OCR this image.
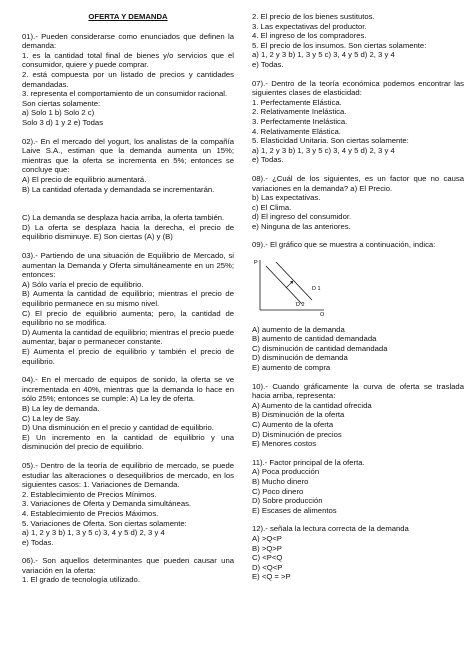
OFERTA Y DEMANDA

01).- Pueden considerarse como enunciados que definen la demanda:

1. es la cantidad total final de bienes y/o servicios que el consumidor, quiere y puede comprar.

2. está compuesta por un listado de precios y cantidades demandadas.

3. representa el comportamiento de un consumidor racional.

Son ciertas solamente:

a) Solo 1 b) Solo 2 c)

Solo 3 d) 1 y 2 e) Todas

02).- En el mercado del yogurt, los analistas de la compañía Laive S.A., estiman que la demanda aumenta un 15%; mientras que la oferta se incrementa en 5%; entonces se concluye que:

A) El precio de equilibrio aumentará.

B) La cantidad ofertada y demandada se incrementarán.

C) La demanda se desplaza hacia arriba, la oferta también.

D) La oferta se desplaza hacia la derecha, el precio de equilibrio disminuye. E) Son ciertas (A) y (B)

03).- Partiendo de una situación de Equilibrio de Mercado, si aumentan la Demanda y Oferta simultáneamente en un 25%; entonces:

A) Sólo varía el precio de equilibrio.

B) Aumenta la cantidad de equilibrio; mientras el precio de equilibrio permanece en su mismo nivel.

C) El precio de equilibrio aumenta; pero, la cantidad de equilibrio no se modifica.

D) Aumenta la cantidad de equilibrio; mientras el precio puede aumentar, bajar o permanecer constante.

E) Aumenta el precio de equilibrio y también el precio de equilibrio.

04).- En el mercado de equipos de sonido, la oferta se ve incrementada en 40%, mientras que la demanda lo hace en sólo 25%; entonces se cumple: A) La ley de oferta.

B) La ley de demanda.

C) La ley de Say.

D) Una disminución en el precio y cantidad de equilibrio.

E) Un incremento en la cantidad de equilibrio y una disminución del precio de equilibrio.

05).- Dentro de la teoría de equilibrio de mercado, se puede estudiar las alteraciones o desequilibrios de mercado, en los siguientes casos: 1. Variaciones de Demanda.

2. Establecimiento de Precios Mínimos.

3. Variaciones de Oferta y Demanda simultáneas.

4. Establecimiento de Precios Máximos.

5. Variaciones de Oferta. Son ciertas solamente:

a) 1, 2 y 3 b) 1, 3 y 5 c) 3, 4 y 5 d) 2, 3 y 4

e) Todas.

06).- Son aquellos determinantes que pueden causar una variación en la oferta:

1. El grado de tecnología utilizado.

2. El precio de los bienes sustitutos.

3. Las expectativas del productor.

4. El ingreso de los compradores.

5. El precio de los insumos. Son ciertas solamente:

a) 1, 2 y 3 b) 1, 3 y 5 c) 3, 4 y 5 d) 2, 3 y 4

e) Todas.

07).- Dentro de la teoría económica podemos encontrar las siguientes clases de elasticidad:

1. Perfectamente Elástica.

2. Relativamente Inelástica.

3. Perfectamente Inelástica.

4. Relativamente Elástica.

5. Elasticidad Unitaria. Son ciertas solamente:

a) 1, 2 y 3 b) 1, 3 y 5 c) 3, 4 y 5 d) 2, 3 y 4

e) Todas.

08).- ¿Cuál de los siguientes, es un factor que no causa variaciones en la demanda? a) El Precio.

b) Las expectativas.

c) El Clima.

d) El ingreso del consumidor.

e) Ninguna de las anteriores.

09).- El gráfico que se muestra a continuación, indica:

P
Q
D 1
D 2

A) aumento de la demanda

B) aumento de cantidad demandada

C) disminución de cantidad demandada

D) disminución de demanda

E) aumento de compra

10).- Cuando gráficamente la curva de oferta se traslada hacia arriba, representa:

A) Aumento de la cantidad ofrecida

B) Disminución de la oferta

C) Aumento de la oferta

D) Disminución de precios

E) Menores costos

11).- Factor principal de la oferta.

A) Poca producción

B) Mucho dinero

C) Poco dinero

D) Sobre producción

E) Escases de alimentos

12).- señala la lectura correcta de la demanda

A) >Q<P

B) >Q>P

C) <P<Q

D) <Q<P

E) <Q = >P
